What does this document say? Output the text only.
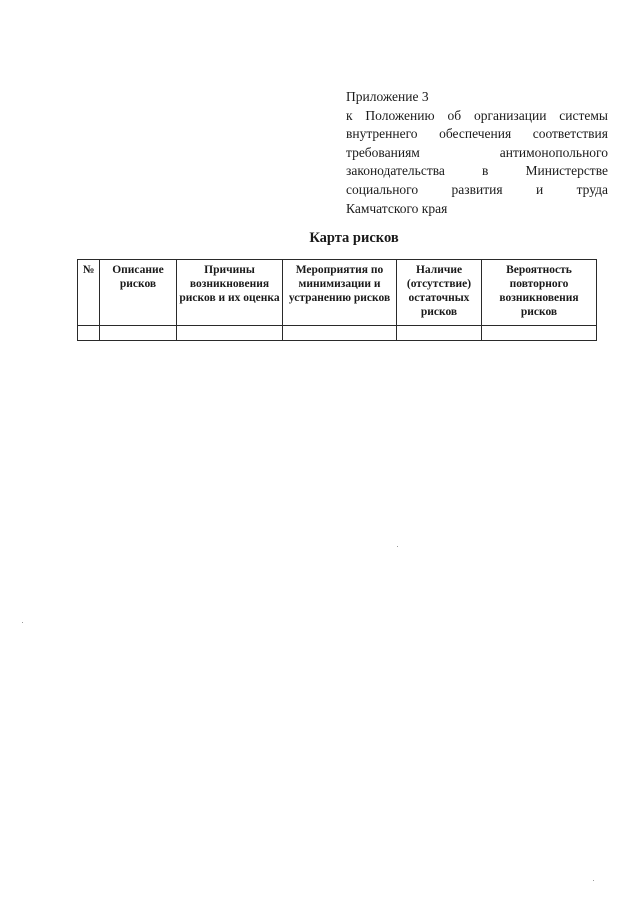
Приложение 3
к Положению об организации системы
внутреннего обеспечения соответствия
требованиям антимонопольного
законодательства в Министерстве
социального развития и труда
Камчатского края
Карта рисков
№	Описание рисков	Причины возникновения рисков и их оценка	Мероприятия по минимизации и устранению рисков	Наличие (отсутствие) остаточных рисков	Вероятность повторного возникновения рисков
